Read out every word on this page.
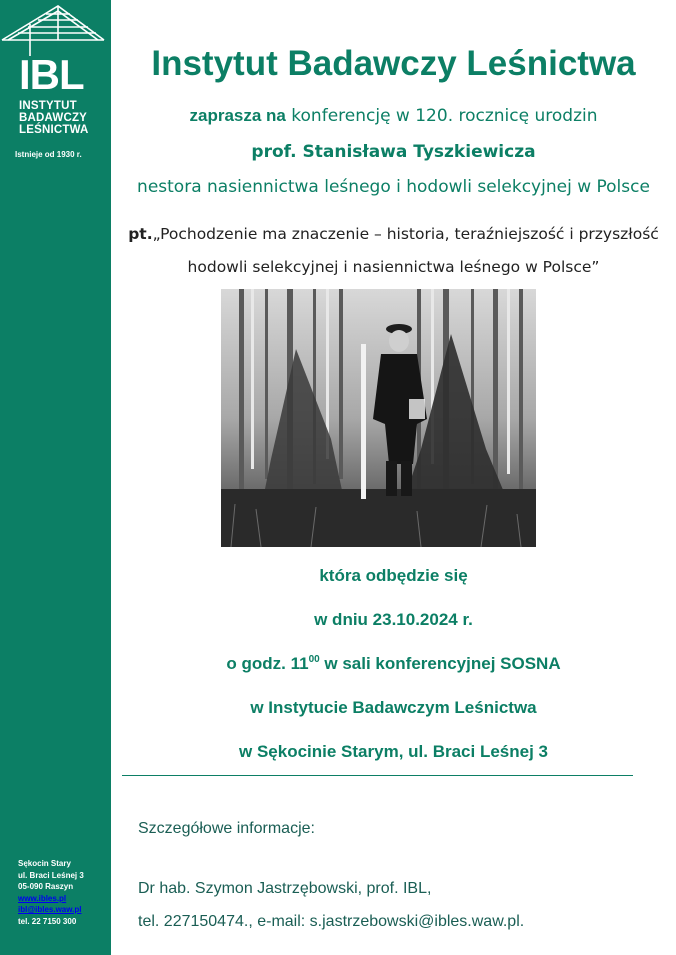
IBL
INSTYTUT
BADAWCZY
LEŚNICTWA
Istnieje od 1930 r.
Sękocin Stary
ul. Braci Leśnej 3
05-090 Raszyn
www.ibles.pl
ibl@ibles.waw.pl
tel. 22 7150 300
Instytut Badawczy Leśnictwa
zaprasza na konferencję w 120. rocznicę urodzin
prof. Stanisława Tyszkiewicza
nestora nasiennictwa leśnego i hodowli selekcyjnej w Polsce
pt.„Pochodzenie ma znaczenie – historia, teraźniejszość i przyszłość
hodowli selekcyjnej i nasiennictwa leśnego w Polsce”
która odbędzie się
w dniu 23.10.2024 r.
o godz. $11^{00}$ w sali konferencyjnej SOSNA
w Instytucie Badawczym Leśnictwa
w Sękocinie Starym, ul. Braci Leśnej 3
Szczegółowe informacje:
Dr hab. Szymon Jastrzębowski, prof. IBL,
tel. 227150474., e-mail: s.jastrzebowski@ibles.waw.pl.
